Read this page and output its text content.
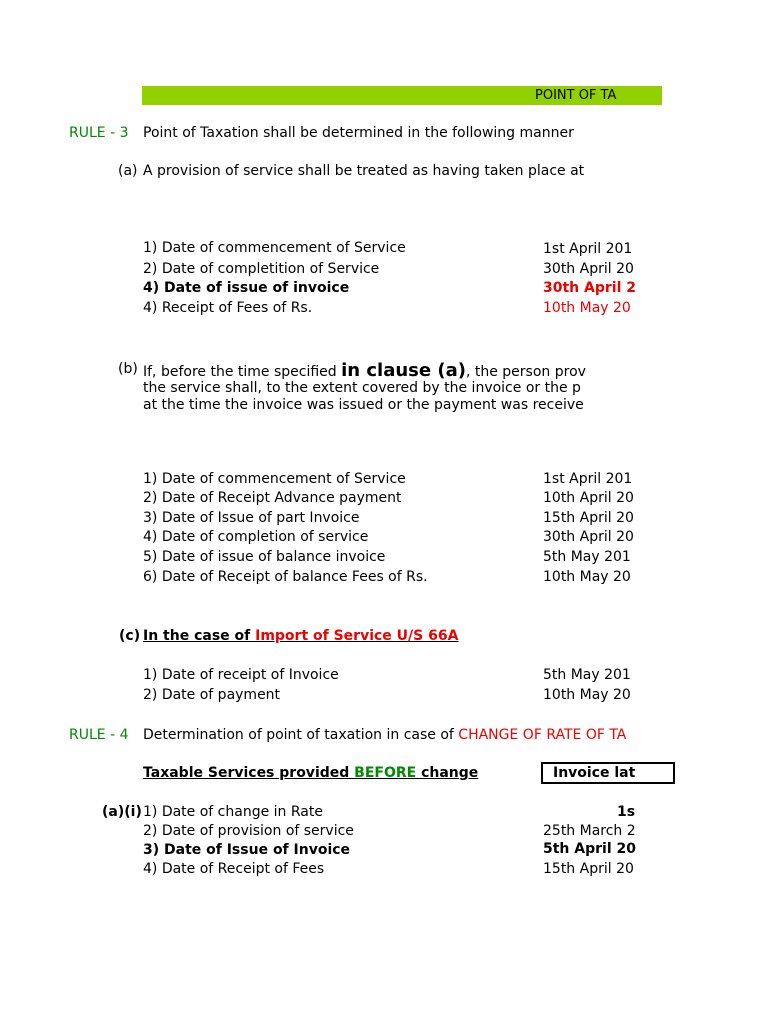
POINT OF TA
RULE - 3 Point of Taxation shall be determined in the following manner
(a) A provision of service shall be treated as having taken place at
1) Date of commencement of Service	1st April 201
2) Date of completition of Service	30th April 20
4) Date of issue of invoice	30th April 2
4) Receipt of Fees of Rs.	10th May 20
(b) If, before the time specified in clause (a), the person prov
the service shall, to the extent covered by the invoice or the p
at the time the invoice was issued or the payment was receive
1) Date of commencement of Service	1st April 201
2) Date of Receipt Advance payment	10th April 20
3) Date of Issue of part Invoice	15th April 20
4) Date of completion of service	30th April 20
5) Date of issue of balance invoice	5th May 201
6) Date of Receipt of balance Fees of Rs.	10th May 20
(c) In the case of Import of Service U/S 66A
1) Date of receipt of Invoice	5th May 201
2) Date of payment	10th May 20
RULE - 4 Determination of point of taxation in case of CHANGE OF RATE OF TA
Taxable Services provided BEFORE change	Invoice lat
(a)(i) 1) Date of change in Rate	1s
2) Date of provision of service	25th March 2
3) Date of Issue of Invoice	5th April 20
4) Date of Receipt of Fees	15th April 20
